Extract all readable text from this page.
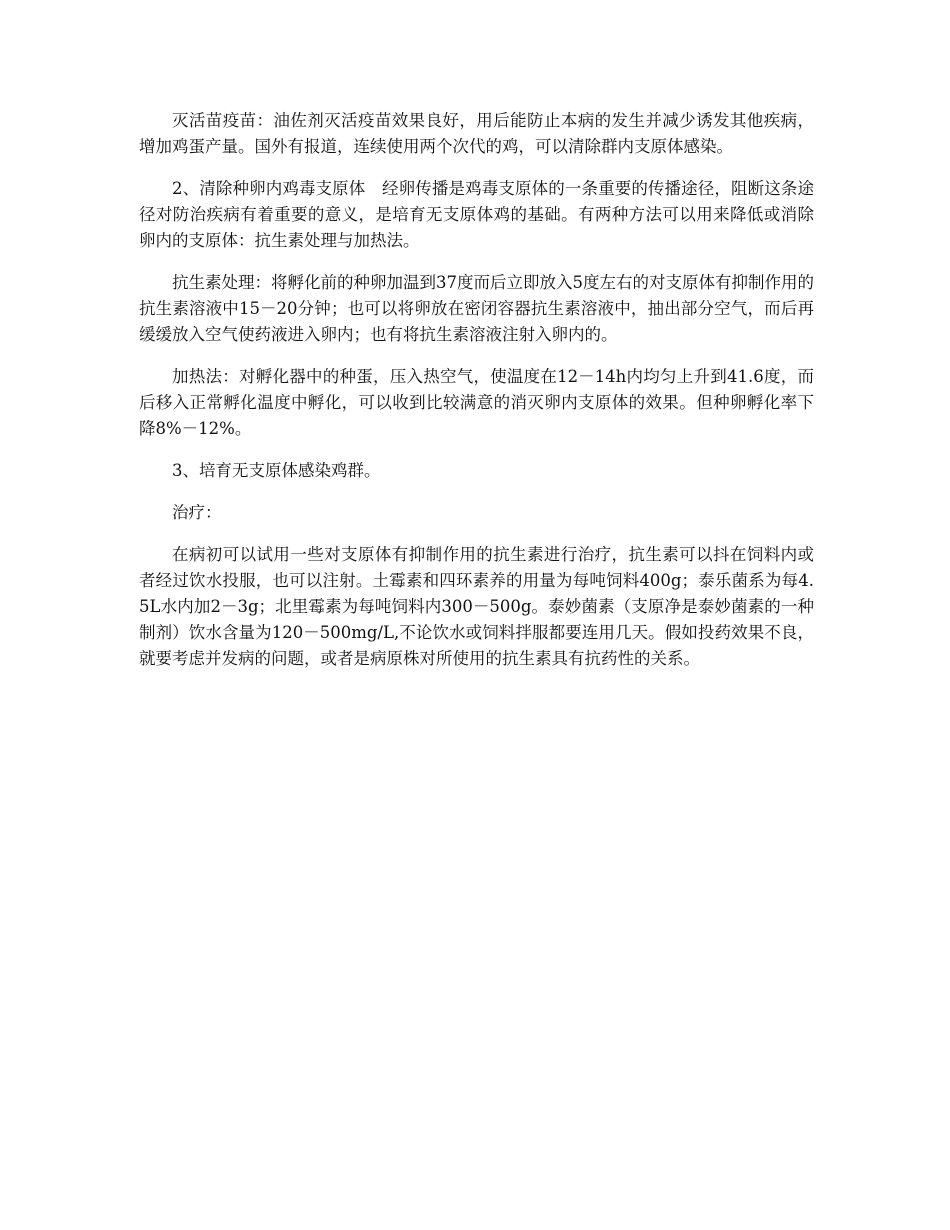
灭活苗疫苗：油佐剂灭活疫苗效果良好，用后能防止本病的发生并减少诱发其他疾病，增加鸡蛋产量。国外有报道，连续使用两个次代的鸡，可以清除群内支原体感染。

2、清除种卵内鸡毒支原体　经卵传播是鸡毒支原体的一条重要的传播途径，阻断这条途径对防治疾病有着重要的意义，是培育无支原体鸡的基础。有两种方法可以用来降低或消除卵内的支原体：抗生素处理与加热法。

抗生素处理：将孵化前的种卵加温到37度而后立即放入5度左右的对支原体有抑制作用的抗生素溶液中15－20分钟；也可以将卵放在密闭容器抗生素溶液中，抽出部分空气，而后再缓缓放入空气使药液进入卵内；也有将抗生素溶液注射入卵内的。

加热法：对孵化器中的种蛋，压入热空气，使温度在12－14h内均匀上升到41.6度，而后移入正常孵化温度中孵化，可以收到比较满意的消灭卵内支原体的效果。但种卵孵化率下降8%－12%。

3、培育无支原体感染鸡群。

治疗：

在病初可以试用一些对支原体有抑制作用的抗生素进行治疗，抗生素可以抖在饲料内或者经过饮水投服，也可以注射。土霉素和四环素养的用量为每吨饲料400g；泰乐菌系为每4.5L水内加2－3g；北里霉素为每吨饲料内300－500g。泰妙菌素（支原净是泰妙菌素的一种制剂）饮水含量为120－500mg/L,不论饮水或饲料拌服都要连用几天。假如投药效果不良，就要考虑并发病的问题，或者是病原株对所使用的抗生素具有抗药性的关系。
